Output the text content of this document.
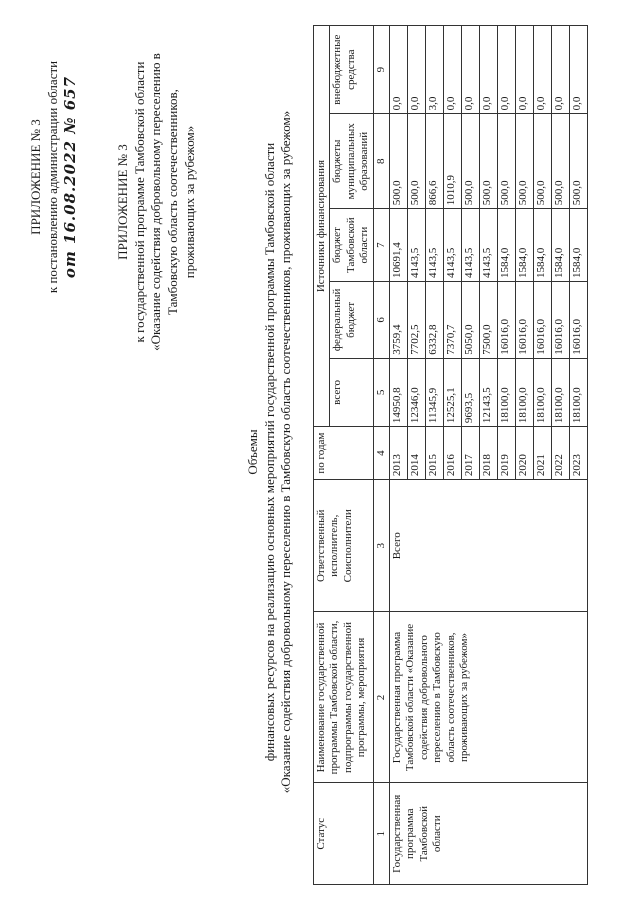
ПРИЛОЖЕНИЕ № 3 к постановлению администрации области от 16.08.2022 № 657	ПРИЛОЖЕНИЕ № 3 к государственной программе Тамбовской области «Оказание содействия добровольному переселению в Тамбовскую область соотечественников, проживающих за рубежом»
Объемы финансовых ресурсов на реализацию основных мероприятий государственной программы Тамбовской области «Оказание содействия добровольному переселению в Тамбовскую область соотечественников, проживающих за рубежом»
Статус	Наименование государственной программы Тамбовской области, подпрограммы государственной программы, мероприятия	Ответственный исполнитель, Соисполнители	по годам	Источники финансирования				
				всего	федеральный бюджет	бюджет Тамбовской области	бюджеты муниципальных образований	внебюджетные средства
1	2	3	4	5	6	7	8	9
Государственная программа Тамбовской области	Государственная программа Тамбовской области «Оказание содействия добровольного переселению в Тамбовскую область соотечественников, проживающих за рубежом»	Всего	2013	14950,8	3759,4	10691,4	500,0	0,0
			2014	12346,0	7702,5	4143,5	500,0	0,0
			2015	11345,9	6332,8	4143,5	866,6	3,0
			2016	12525,1	7370,7	4143,5	1010,9	0,0
			2017	9693,5	5050,0	4143,5	500,0	0,0
			2018	12143,5	7500,0	4143,5	500,0	0,0
			2019	18100,0	16016,0	1584,0	500,0	0,0
			2020	18100,0	16016,0	1584,0	500,0	0,0
			2021	18100,0	16016,0	1584,0	500,0	0,0
			2022	18100,0	16016,0	1584,0	500,0	0,0
			2023	18100,0	16016,0	1584,0	500,0	0,0
